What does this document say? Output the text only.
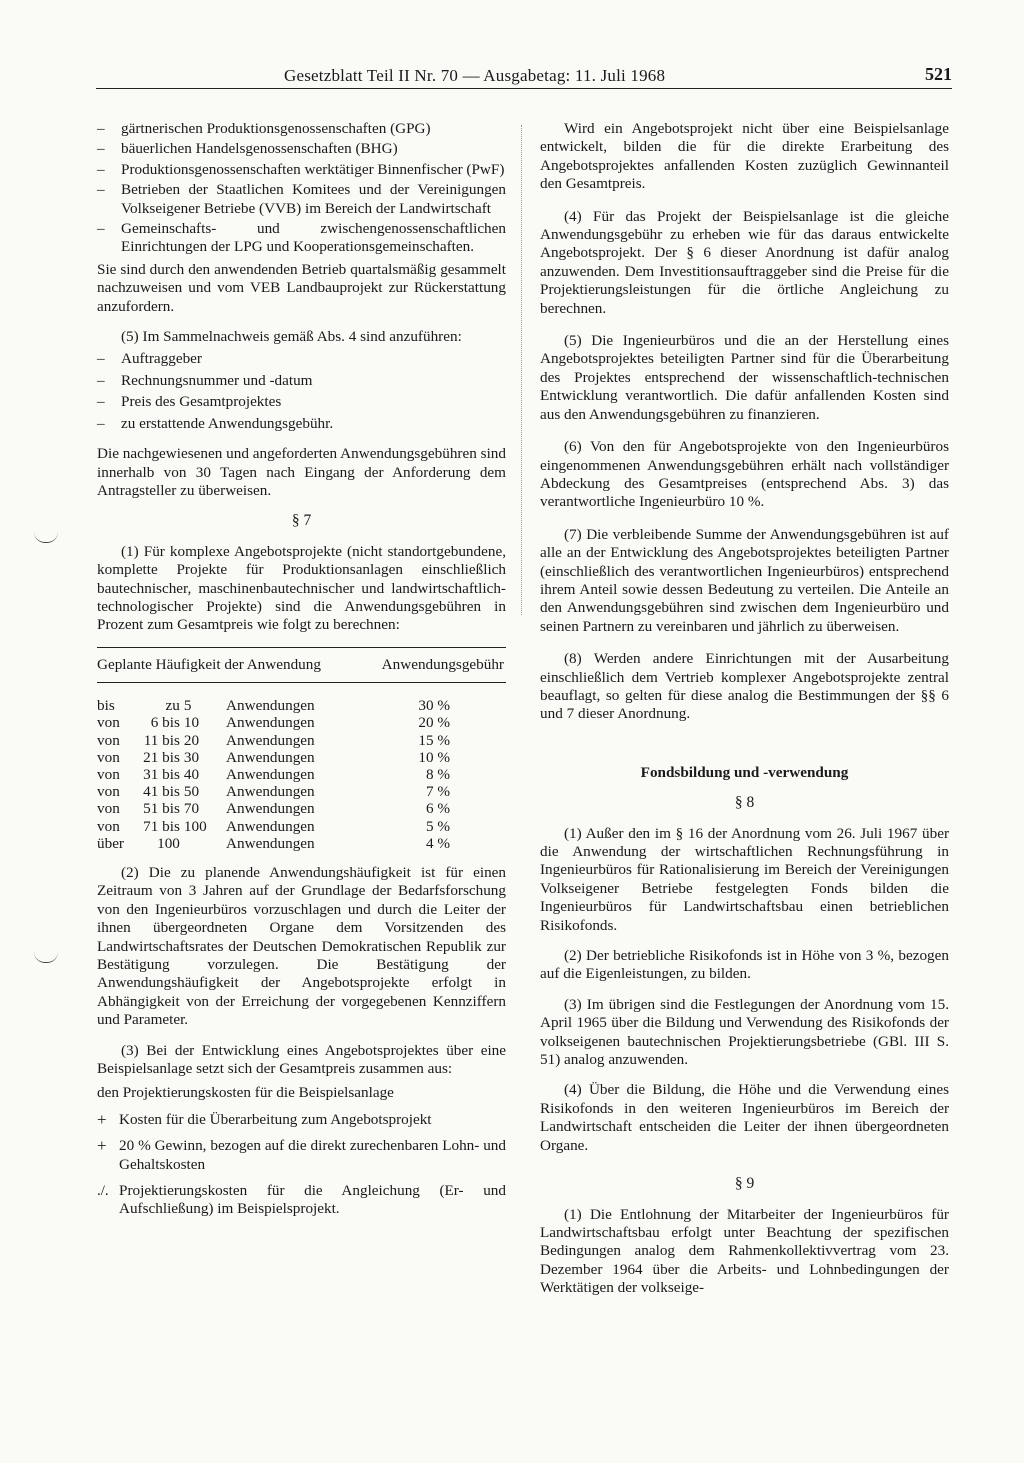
Gesetzblatt Teil II Nr. 70 — Ausgabetag: 11. Juli 1968	521
– gärtnerischen Produktionsgenossenschaften (GPG)
– bäuerlichen Handelsgenossenschaften (BHG)
– Produktionsgenossenschaften werktätiger Binnenfischer (PwF)
– Betrieben der Staatlichen Komitees und der Vereinigungen Volkseigener Betriebe (VVB) im Bereich der Landwirtschaft
– Gemeinschafts- und zwischengenossenschaftlichen Einrichtungen der LPG und Kooperationsgemeinschaften.

Sie sind durch den anwendenden Betrieb quartalsmäßig gesammelt nachzuweisen und vom VEB Landbauprojekt zur Rückerstattung anzufordern.

(5) Im Sammelnachweis gemäß Abs. 4 sind anzuführen:

– Auftraggeber
– Rechnungsnummer und -datum
– Preis des Gesamtprojektes
– zu erstattende Anwendungsgebühr.

Die nachgewiesenen und angeforderten Anwendungsgebühren sind innerhalb von 30 Tagen nach Eingang der Anforderung dem Antragsteller zu überweisen.

§ 7

(1) Für komplexe Angebotsprojekte (nicht standortgebundene, komplette Projekte für Produktionsanlagen einschließlich bautechnischer, maschinenbautechnischer und landwirtschaftlich-technologischer Projekte) sind die Anwendungsgebühren in Prozent zum Gesamtpreis wie folgt zu berechnen:

Geplante Häufigkeit der Anwendung				Anwendungsgebühr
bis	zu	5	Anwendungen	30 %
von	6 bis	10	Anwendungen	20 %
von	11 bis	20	Anwendungen	15 %
von	21 bis	30	Anwendungen	10 %
von	31 bis	40	Anwendungen	8 %
von	41 bis	50	Anwendungen	7 %
von	51 bis	70	Anwendungen	6 %
von	71 bis	100	Anwendungen	5 %
über	100		Anwendungen	4 %

(2) Die zu planende Anwendungshäufigkeit ist für einen Zeitraum von 3 Jahren auf der Grundlage der Bedarfsforschung von den Ingenieurbüros vorzuschlagen und durch die Leiter der ihnen übergeordneten Organe dem Vorsitzenden des Landwirtschaftsrates der Deutschen Demokratischen Republik zur Bestätigung vorzulegen. Die Bestätigung der Anwendungshäufigkeit der Angebotsprojekte erfolgt in Abhängigkeit von der Erreichung der vorgegebenen Kennziffern und Parameter.

(3) Bei der Entwicklung eines Angebotsprojektes über eine Beispielsanlage setzt sich der Gesamtpreis zusammen aus:

den Projektierungskosten für die Beispielsanlage
+ Kosten für die Überarbeitung zum Angebotsprojekt
+ 20 % Gewinn, bezogen auf die direkt zurechenbaren Lohn- und Gehaltskosten
./. Projektierungskosten für die Angleichung (Er- und Aufschließung) im Beispielsprojekt.

Wird ein Angebotsprojekt nicht über eine Beispielsanlage entwickelt, bilden die für die direkte Erarbeitung des Angebotsprojektes anfallenden Kosten zuzüglich Gewinnanteil den Gesamtpreis.

(4) Für das Projekt der Beispielsanlage ist die gleiche Anwendungsgebühr zu erheben wie für das daraus entwickelte Angebotsprojekt. Der § 6 dieser Anordnung ist dafür analog anzuwenden. Dem Investitionsauftraggeber sind die Preise für die Projektierungsleistungen für die örtliche Angleichung zu berechnen.

(5) Die Ingenieurbüros und die an der Herstellung eines Angebotsprojektes beteiligten Partner sind für die Überarbeitung des Projektes entsprechend der wissenschaftlich-technischen Entwicklung verantwortlich. Die dafür anfallenden Kosten sind aus den Anwendungsgebühren zu finanzieren.

(6) Von den für Angebotsprojekte von den Ingenieurbüros eingenommenen Anwendungsgebühren erhält nach vollständiger Abdeckung des Gesamtpreises (entsprechend Abs. 3) das verantwortliche Ingenieurbüro 10 %.

(7) Die verbleibende Summe der Anwendungsgebühren ist auf alle an der Entwicklung des Angebotsprojektes beteiligten Partner (einschließlich des verantwortlichen Ingenieurbüros) entsprechend ihrem Anteil sowie dessen Bedeutung zu verteilen. Die Anteile an den Anwendungsgebühren sind zwischen dem Ingenieurbüro und seinen Partnern zu vereinbaren und jährlich zu überweisen.

(8) Werden andere Einrichtungen mit der Ausarbeitung einschließlich dem Vertrieb komplexer Angebotsprojekte zentral beauflagt, so gelten für diese analog die Bestimmungen der §§ 6 und 7 dieser Anordnung.

Fondsbildung und -verwendung
§ 8

(1) Außer den im § 16 der Anordnung vom 26. Juli 1967 über die Anwendung der wirtschaftlichen Rechnungsführung in Ingenieurbüros für Rationalisierung im Bereich der Vereinigungen Volkseigener Betriebe festgelegten Fonds bilden die Ingenieurbüros für Landwirtschaftsbau einen betrieblichen Risikofonds.

(2) Der betriebliche Risikofonds ist in Höhe von 3 %, bezogen auf die Eigenleistungen, zu bilden.

(3) Im übrigen sind die Festlegungen der Anordnung vom 15. April 1965 über die Bildung und Verwendung des Risikofonds der volkseigenen bautechnischen Projektierungsbetriebe (GBl. III S. 51) analog anzuwenden.

(4) Über die Bildung, die Höhe und die Verwendung eines Risikofonds in den weiteren Ingenieurbüros im Bereich der Landwirtschaft entscheiden die Leiter der ihnen übergeordneten Organe.

§ 9

(1) Die Entlohnung der Mitarbeiter der Ingenieurbüros für Landwirtschaftsbau erfolgt unter Beachtung der spezifischen Bedingungen analog dem Rahmenkollektivvertrag vom 23. Dezember 1964 über die Arbeits- und Lohnbedingungen der Werktätigen der volkseige-
